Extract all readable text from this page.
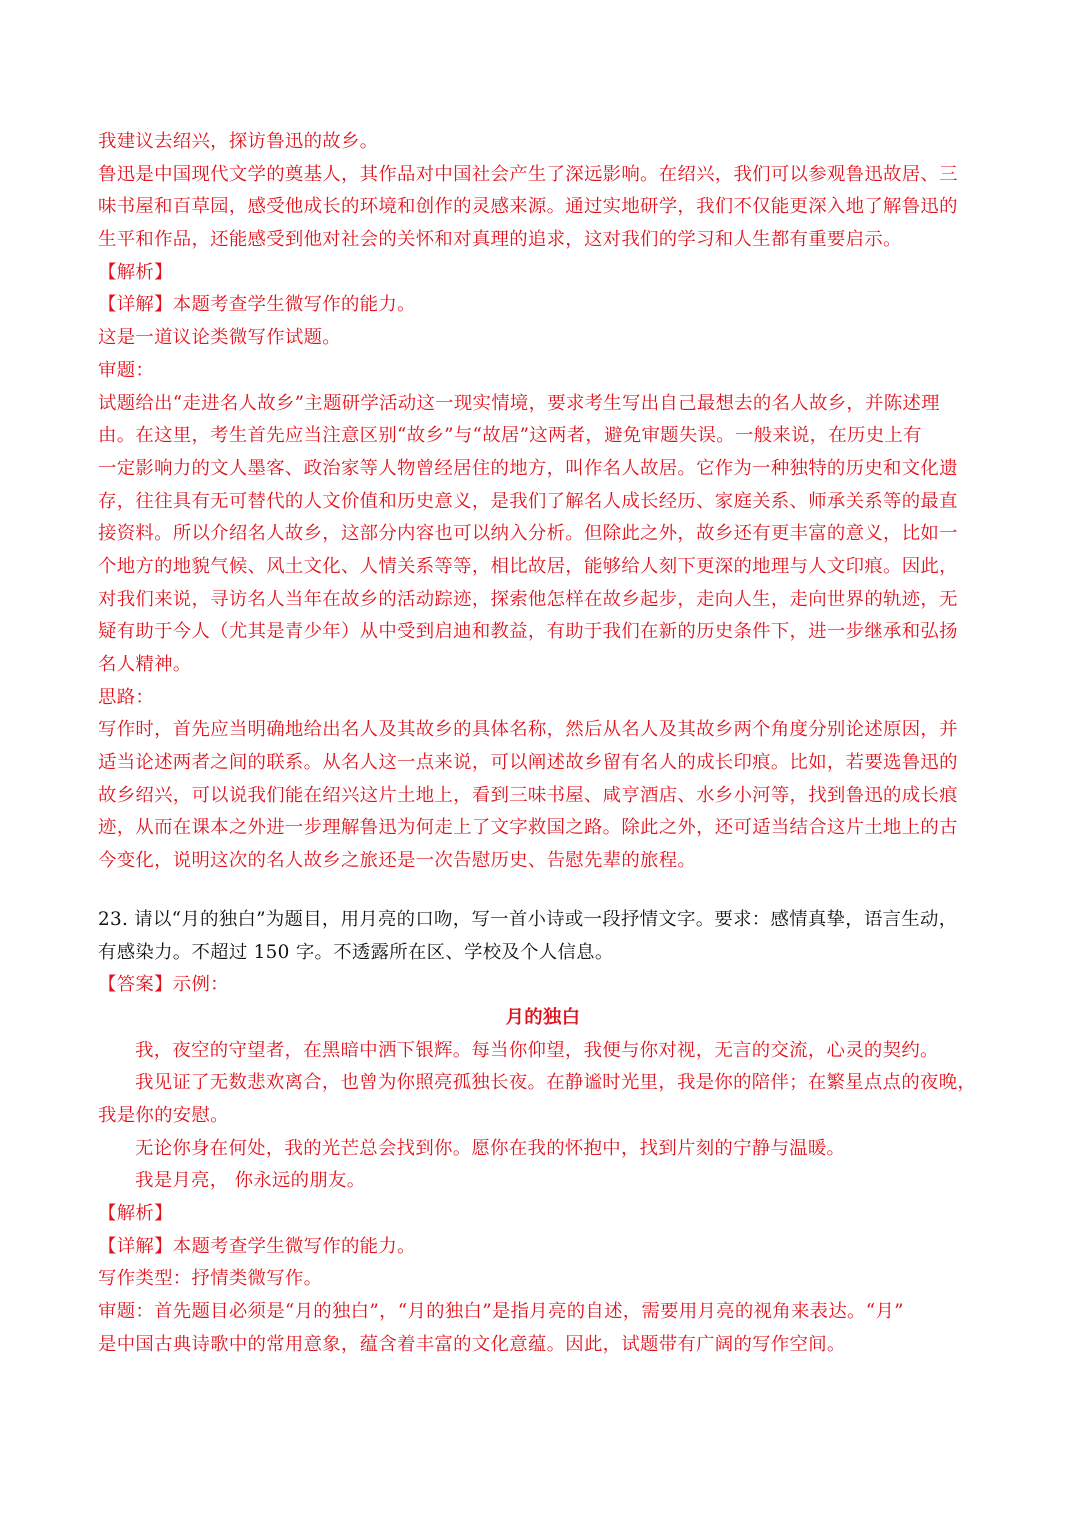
我建议去绍兴，探访鲁迅的故乡。
鲁迅是中国现代文学的奠基人，其作品对中国社会产生了深远影响。在绍兴，我们可以参观鲁迅故居、三
味书屋和百草园，感受他成长的环境和创作的灵感来源。通过实地研学，我们不仅能更深入地了解鲁迅的
生平和作品，还能感受到他对社会的关怀和对真理的追求，这对我们的学习和人生都有重要启示。
【解析】
【详解】本题考查学生微写作的能力。
这是一道议论类微写作试题。
审题：
试题给出“走进名人故乡”主题研学活动这一现实情境，要求考生写出自己最想去的名人故乡，并陈述理
由。在这里，考生首先应当注意区别“故乡”与“故居”这两者，避免审题失误。一般来说，在历史上有
一定影响力的文人墨客、政治家等人物曾经居住的地方，叫作名人故居。它作为一种独特的历史和文化遗
存，往往具有无可替代的人文价值和历史意义，是我们了解名人成长经历、家庭关系、师承关系等的最直
接资料。所以介绍名人故乡，这部分内容也可以纳入分析。但除此之外，故乡还有更丰富的意义，比如一
个地方的地貌气候、风土文化、人情关系等等，相比故居，能够给人刻下更深的地理与人文印痕。因此，
对我们来说，寻访名人当年在故乡的活动踪迹，探索他怎样在故乡起步，走向人生，走向世界的轨迹，无
疑有助于今人（尤其是青少年）从中受到启迪和教益，有助于我们在新的历史条件下，进一步继承和弘扬
名人精神。
思路：
写作时，首先应当明确地给出名人及其故乡的具体名称，然后从名人及其故乡两个角度分别论述原因，并
适当论述两者之间的联系。从名人这一点来说，可以阐述故乡留有名人的成长印痕。比如，若要选鲁迅的
故乡绍兴，可以说我们能在绍兴这片土地上，看到三味书屋、咸亨酒店、水乡小河等，找到鲁迅的成长痕
迹，从而在课本之外进一步理解鲁迅为何走上了文字救国之路。除此之外，还可适当结合这片土地上的古
今变化，说明这次的名人故乡之旅还是一次告慰历史、告慰先辈的旅程。
23. 请以“月的独白”为题目，用月亮的口吻，写一首小诗或一段抒情文字。要求：感情真挚，语言生动，
有感染力。不超过 150 字。不透露所在区、学校及个人信息。
【答案】示例：
月的独白
我，夜空的守望者，在黑暗中洒下银辉。每当你仰望，我便与你对视，无言的交流，心灵的契约。
我见证了无数悲欢离合，也曾为你照亮孤独长夜。在静谧时光里，我是你的陪伴；在繁星点点的夜晚，
我是你的安慰。
无论你身在何处，我的光芒总会找到你。愿你在我的怀抱中，找到片刻的宁静与温暖。
我是月亮， 你永远的朋友。
【解析】
【详解】本题考查学生微写作的能力。
写作类型：抒情类微写作。
审题：首先题目必须是“月的独白”，“月的独白”是指月亮的自述，需要用月亮的视角来表达。“月”
是中国古典诗歌中的常用意象，蕴含着丰富的文化意蕴。因此，试题带有广阔的写作空间。
